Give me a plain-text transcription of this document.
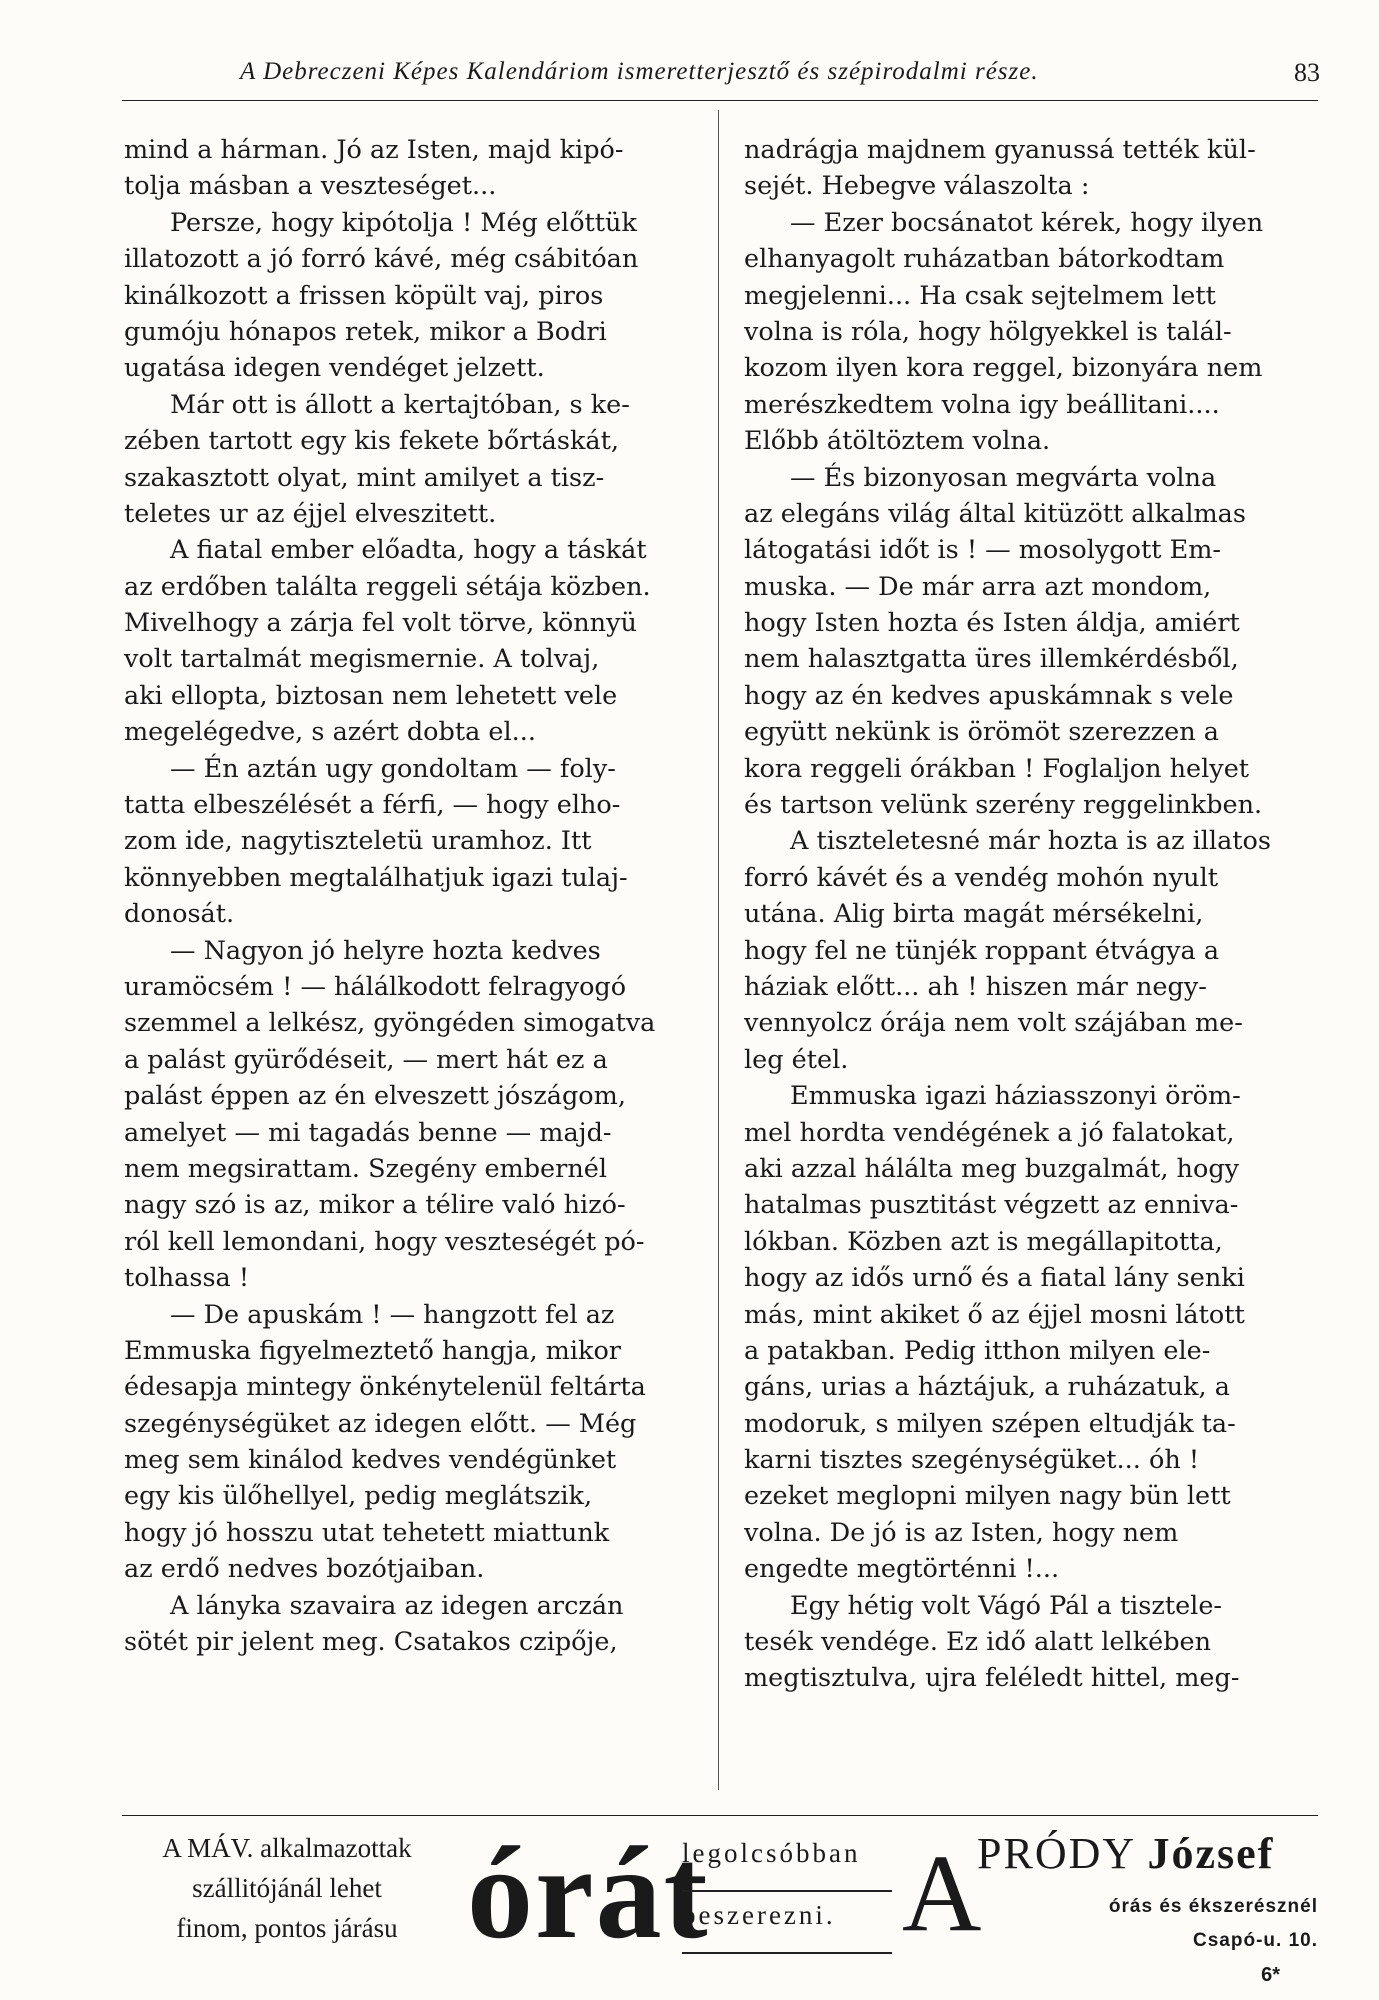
A Debreczeni Képes Kalendáriom ismeretterjesztő és szépirodalmi része.	83
mind a hárman. Jó az Isten, majd kipó-
tolja másban a veszteséget...
Persze, hogy kipótolja ! Még előttük
illatozott a jó forró kávé, még csábitóan
kinálkozott a frissen köpült vaj, piros
gumóju hónapos retek, mikor a Bodri
ugatása idegen vendéget jelzett.
Már ott is állott a kertajtóban, s ke-
zében tartott egy kis fekete bőrtáskát,
szakasztott olyat, mint amilyet a tisz-
teletes ur az éjjel elveszitett.
A fiatal ember előadta, hogy a táskát
az erdőben találta reggeli sétája közben.
Mivelhogy a zárja fel volt törve, könnyü
volt tartalmát megismernie. A tolvaj,
aki ellopta, biztosan nem lehetett vele
megelégedve, s azért dobta el...
— Én aztán ugy gondoltam — foly-
tatta elbeszélését a férfi, — hogy elho-
zom ide, nagytiszteletü uramhoz. Itt
könnyebben megtalálhatjuk igazi tulaj-
donosát.
— Nagyon jó helyre hozta kedves
uramöcsém ! — hálálkodott felragyogó
szemmel a lelkész, gyöngéden simogatva
a palást gyürődéseit, — mert hát ez a
palást éppen az én elveszett jószágom,
amelyet — mi tagadás benne — majd-
nem megsirattam. Szegény embernél
nagy szó is az, mikor a télire való hizó-
ról kell lemondani, hogy veszteségét pó-
tolhassa !
— De apuskám ! — hangzott fel az
Emmuska figyelmeztető hangja, mikor
édesapja mintegy önkénytelenül feltárta
szegénységüket az idegen előtt. — Még
meg sem kinálod kedves vendégünket
egy kis ülőhellyel, pedig meglátszik,
hogy jó hosszu utat tehetett miattunk
az erdő nedves bozótjaiban.
A lányka szavaira az idegen arczán
sötét pir jelent meg. Csatakos czipője,
nadrágja majdnem gyanussá tették kül-
sejét. Hebegve válaszolta :
— Ezer bocsánatot kérek, hogy ilyen
elhanyagolt ruházatban bátorkodtam
megjelenni... Ha csak sejtelmem lett
volna is róla, hogy hölgyekkel is talál-
kozom ilyen kora reggel, bizonyára nem
merészkedtem volna igy beállitani....
Előbb átöltöztem volna.
— És bizonyosan megvárta volna
az elegáns világ által kitüzött alkalmas
látogatási időt is ! — mosolygott Em-
muska. — De már arra azt mondom,
hogy Isten hozta és Isten áldja, amiért
nem halasztgatta üres illemkérdésből,
hogy az én kedves apuskámnak s vele
együtt nekünk is örömöt szerezzen a
kora reggeli órákban ! Foglaljon helyet
és tartson velünk szerény reggelinkben.
A tiszteletesné már hozta is az illatos
forró kávét és a vendég mohón nyult
utána. Alig birta magát mérsékelni,
hogy fel ne tünjék roppant étvágya a
háziak előtt... ah ! hiszen már negy-
vennyolcz órája nem volt szájában me-
leg étel.
Emmuska igazi háziasszonyi öröm-
mel hordta vendégének a jó falatokat,
aki azzal hálálta meg buzgalmát, hogy
hatalmas pusztitást végzett az enniva-
lókban. Közben azt is megállapitotta,
hogy az idős urnő és a fiatal lány senki
más, mint akiket ő az éjjel mosni látott
a patakban. Pedig itthon milyen ele-
gáns, urias a háztájuk, a ruházatuk, a
modoruk, s milyen szépen eltudják ta-
karni tisztes szegénységüket... óh !
ezeket meglopni milyen nagy bün lett
volna. De jó is az Isten, hogy nem
engedte megtörténni !...
Egy hétig volt Vágó Pál a tisztele-
tesék vendége. Ez idő alatt lelkében
megtisztulva, ujra feléledt hittel, meg-
A MÁV. alkalmazottak
szállitójánál lehet
finom, pontos járásu órát
legolcsóbban
beszerezni. A
PRÓDY József
órás és ékszerésznél
Csapó-u. 10.
6*
